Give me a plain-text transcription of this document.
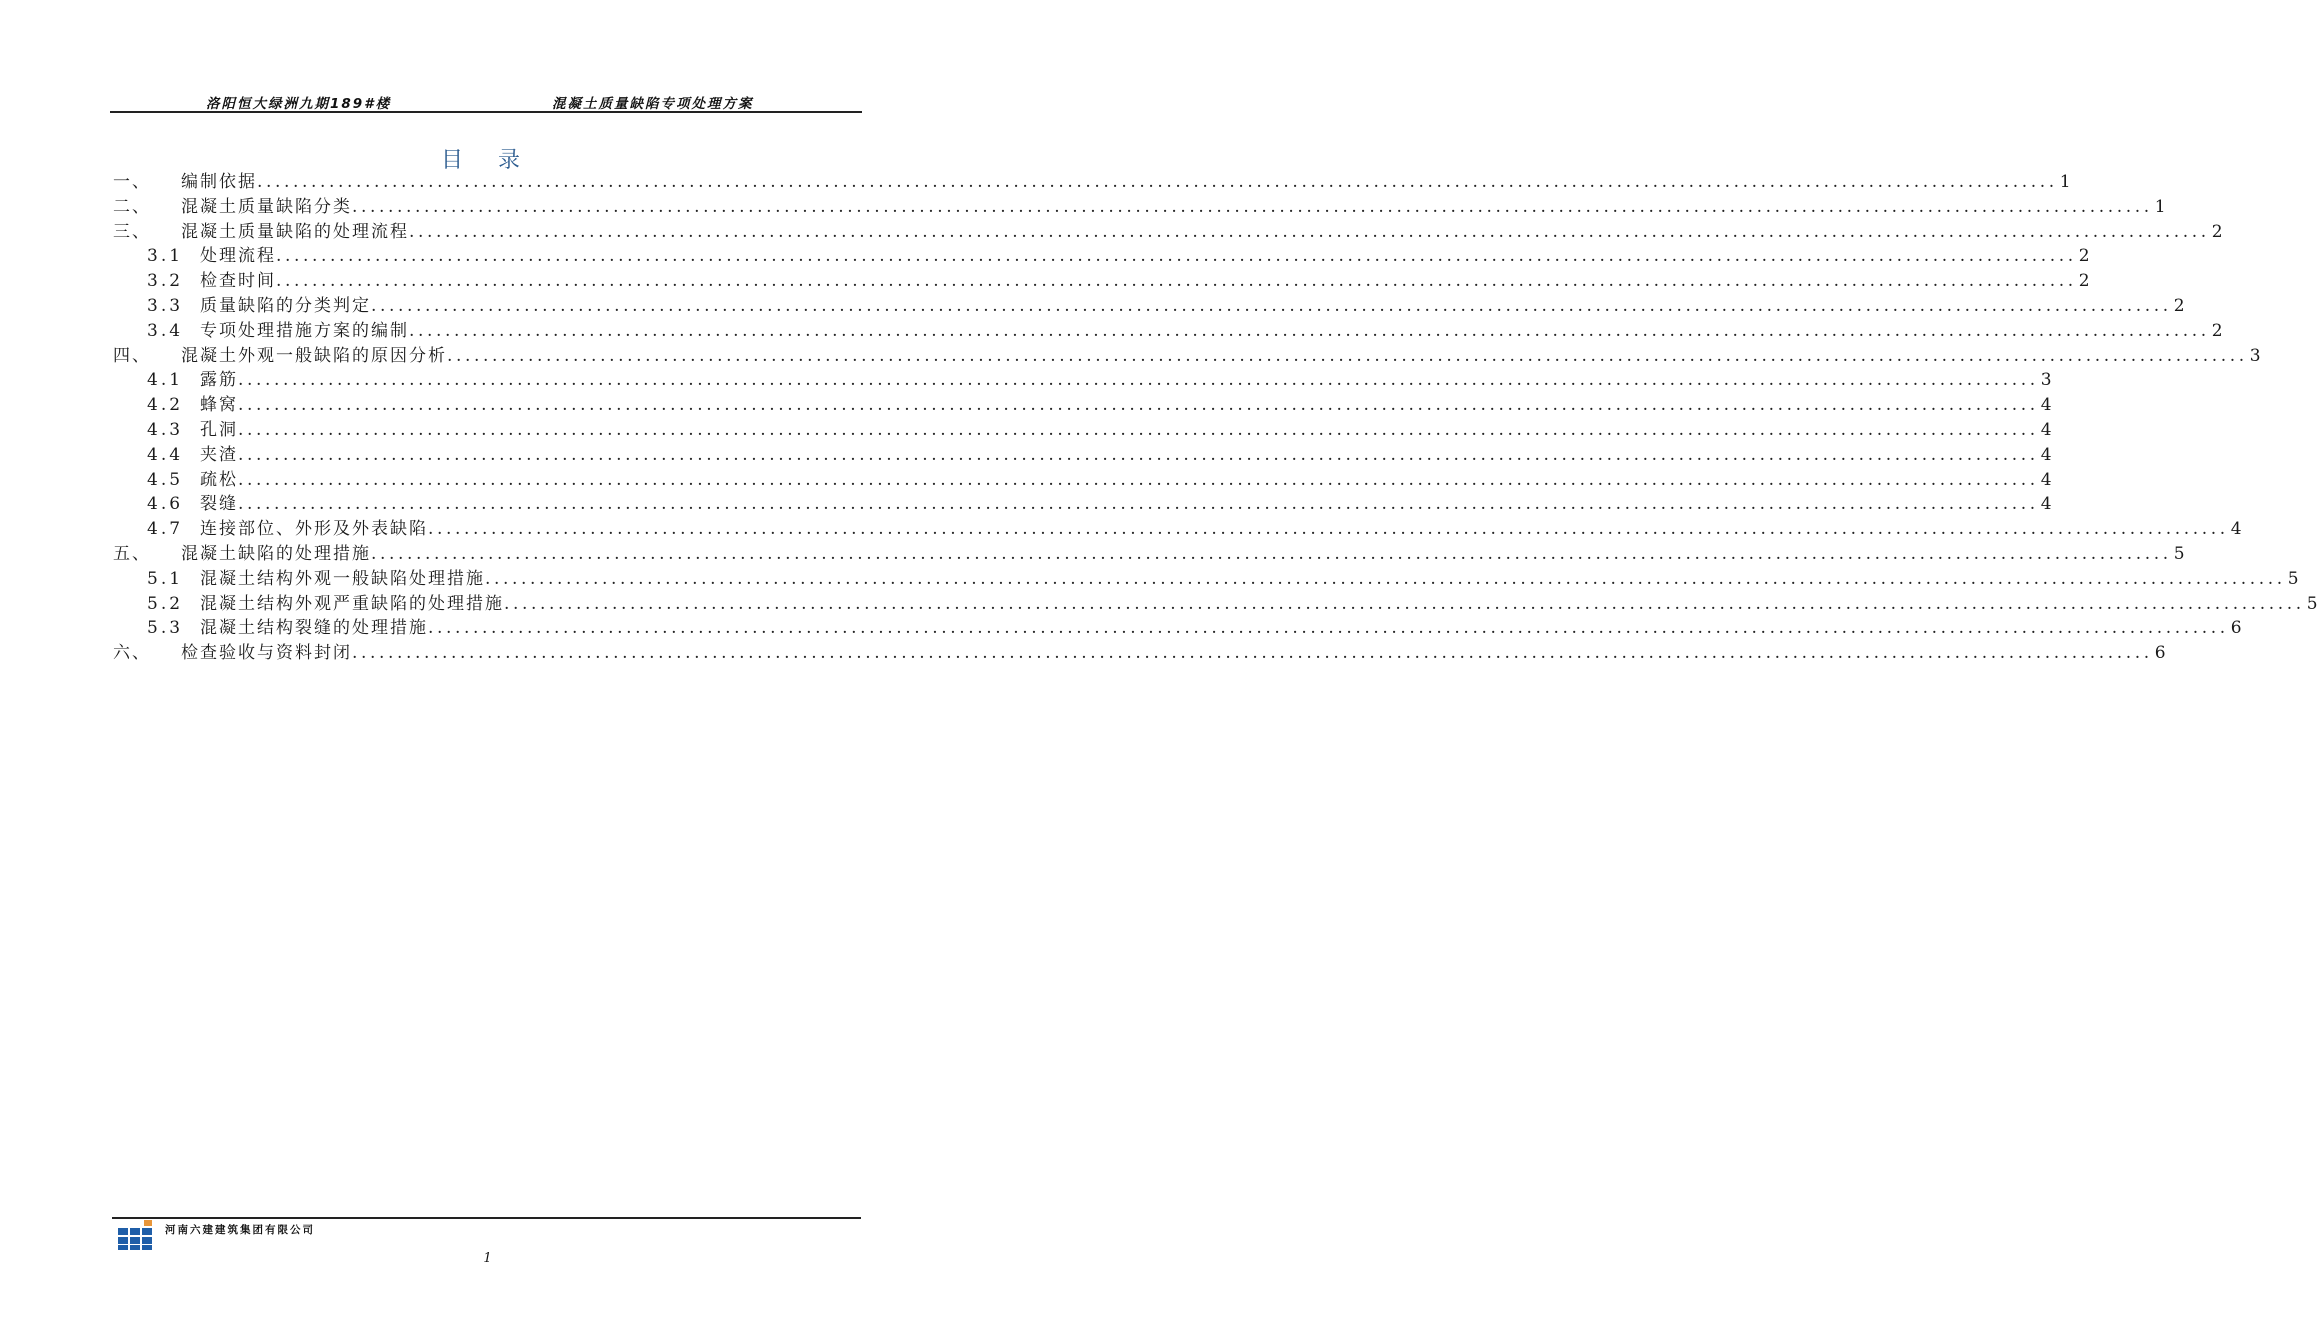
洛阳恒大绿洲九期189#楼	混凝土质量缺陷专项处理方案
目 录
一、	编制依据 ........................................................................................................................................................................................................ 1
二、	混凝土质量缺陷分类 ........................................................................................................................................................................................................ 1
三、	混凝土质量缺陷的处理流程 ........................................................................................................................................................................................................ 2
3.1 处理流程 ........................................................................................................................................................................................................ 2
3.2 检查时间 ........................................................................................................................................................................................................ 2
3.3 质量缺陷的分类判定 ........................................................................................................................................................................................................ 2
3.4 专项处理措施方案的编制 ........................................................................................................................................................................................................ 2
四、	混凝土外观一般缺陷的原因分析 ........................................................................................................................................................................................................ 3
4.1 露筋 ........................................................................................................................................................................................................ 3
4.2 蜂窝 ........................................................................................................................................................................................................ 4
4.3 孔洞 ........................................................................................................................................................................................................ 4
4.4 夹渣 ........................................................................................................................................................................................................ 4
4.5 疏松 ........................................................................................................................................................................................................ 4
4.6 裂缝 ........................................................................................................................................................................................................ 4
4.7 连接部位、外形及外表缺陷 ........................................................................................................................................................................................................ 4
五、	混凝土缺陷的处理措施 ........................................................................................................................................................................................................ 5
5.1 混凝土结构外观一般缺陷处理措施 ........................................................................................................................................................................................................ 5
5.2 混凝土结构外观严重缺陷的处理措施 ........................................................................................................................................................................................................ 5
5.3 混凝土结构裂缝的处理措施 ........................................................................................................................................................................................................ 6
六、	检查验收与资料封闭 ........................................................................................................................................................................................................ 6
河南六建建筑集团有限公司
1
